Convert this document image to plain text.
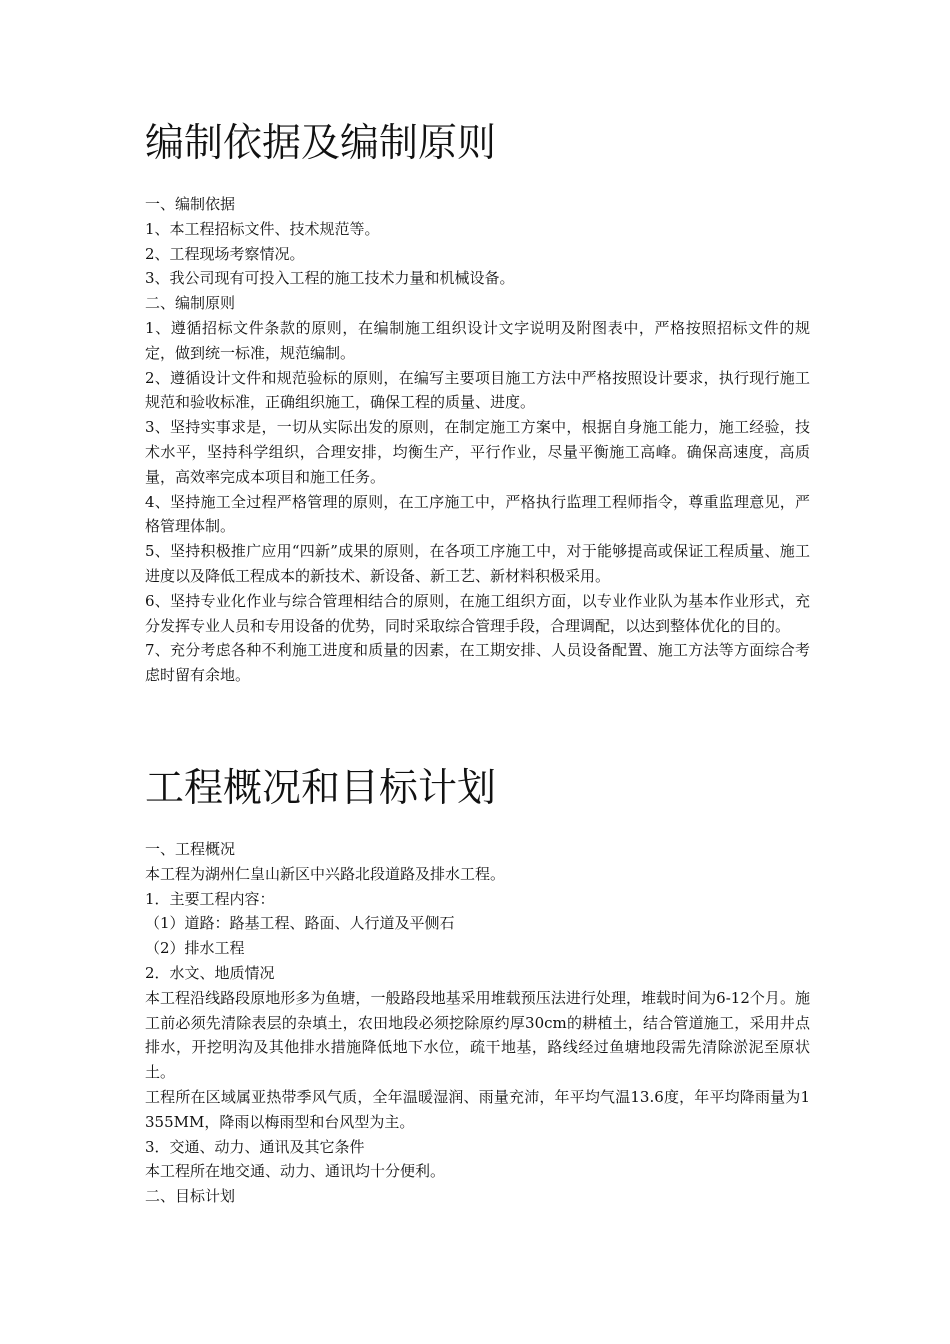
编制依据及编制原则

一、编制依据

1、本工程招标文件、技术规范等。

2、工程现场考察情况。

3、我公司现有可投入工程的施工技术力量和机械设备。

二、编制原则

1、遵循招标文件条款的原则，在编制施工组织设计文字说明及附图表中，严格按照招标文件的规定，做到统一标准，规范编制。

2、遵循设计文件和规范验标的原则，在编写主要项目施工方法中严格按照设计要求，执行现行施工规范和验收标准，正确组织施工，确保工程的质量、进度。

3、坚持实事求是，一切从实际出发的原则，在制定施工方案中，根据自身施工能力，施工经验，技术水平，坚持科学组织，合理安排，均衡生产，平行作业，尽量平衡施工高峰。确保高速度，高质量，高效率完成本项目和施工任务。

4、坚持施工全过程严格管理的原则，在工序施工中，严格执行监理工程师指令，尊重监理意见，严格管理体制。

5、坚持积极推广应用“四新”成果的原则，在各项工序施工中，对于能够提高或保证工程质量、施工进度以及降低工程成本的新技术、新设备、新工艺、新材料积极采用。

6、坚持专业化作业与综合管理相结合的原则，在施工组织方面，以专业作业队为基本作业形式，充分发挥专业人员和专用设备的优势，同时采取综合管理手段，合理调配，以达到整体优化的目的。

7、充分考虑各种不利施工进度和质量的因素，在工期安排、人员设备配置、施工方法等方面综合考虑时留有余地。

工程概况和目标计划

一、工程概况

本工程为湖州仁皇山新区中兴路北段道路及排水工程。

1．主要工程内容：

（1）道路：路基工程、路面、人行道及平侧石

（2）排水工程

2．水文、地质情况

本工程沿线路段原地形多为鱼塘，一般路段地基采用堆载预压法进行处理，堆载时间为6-12个月。施工前必须先清除表层的杂填土，农田地段必须挖除原约厚30cm的耕植土，结合管道施工，采用井点排水，开挖明沟及其他排水措施降低地下水位，疏干地基，路线经过鱼塘地段需先清除淤泥至原状土。

工程所在区域属亚热带季风气质，全年温暖湿润、雨量充沛，年平均气温13.6度，年平均降雨量为1355MM，降雨以梅雨型和台风型为主。

3．交通、动力、通讯及其它条件

本工程所在地交通、动力、通讯均十分便利。

二、目标计划
